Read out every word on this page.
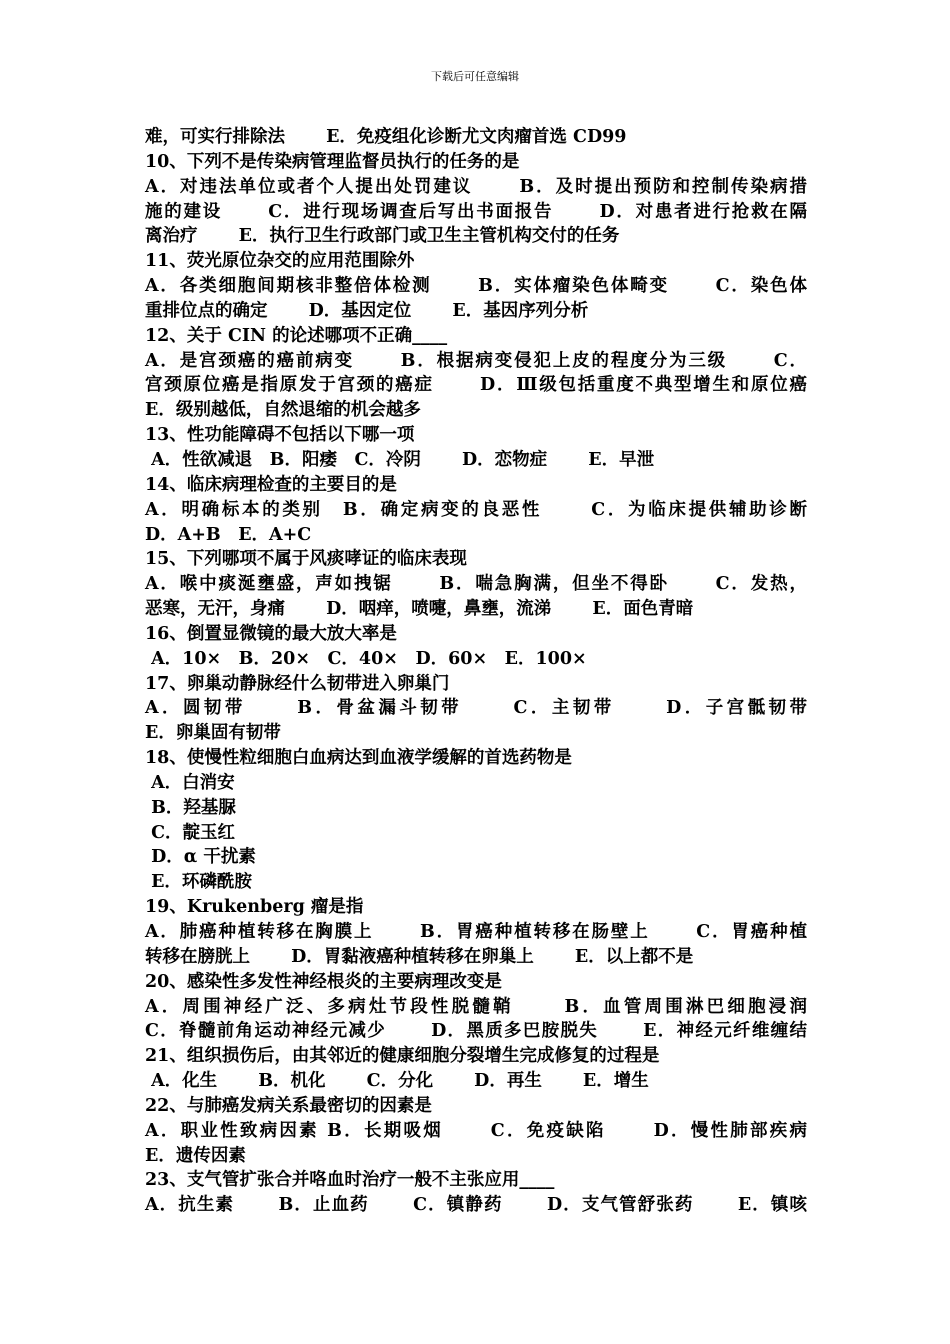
下载后可任意编辑
难，可实行排除法　　 E．免疫组化诊断尤文肉瘤首选 CD99
10、下列不是传染病管理监督员执行的任务的是
A．对违法单位或者个人提出处罚建议　　 B．及时提出预防和控制传染病措
施的建设　　 C．进行现场调查后写出书面报告　　 D．对患者进行抢救在隔
离治疗　　 E．执行卫生行政部门或卫生主管机构交付的任务
11、荧光原位杂交的应用范围除外
A．各类细胞间期核非整倍体检测　　 B．实体瘤染色体畸变　　 C．染色体
重排位点的确定　　 D．基因定位　　 E．基因序列分析
12、关于 CIN 的论述哪项不正确____
A．是宫颈癌的癌前病变　　 B．根据病变侵犯上皮的程度分为三级　　 C．
宫颈原位癌是指原发于宫颈的癌症　　 D．Ⅲ级包括重度不典型增生和原位癌
E．级别越低，自然退缩的机会越多
13、性功能障碍不包括以下哪一项
A．性欲减退　B．阳痿　C．冷阴　　 D．恋物症　　 E．早泄
14、临床病理检查的主要目的是
A．明确标本的类别　B．确定病变的良恶性　　 C．为临床提供辅助诊断
D．A+B　E．A+C
15、下列哪项不属于风痰哮证的临床表现
A．喉中痰涎壅盛，声如拽锯　　 B．喘急胸满，但坐不得卧　　 C．发热，
恶寒，无汗，身痛　　 D．咽痒，喷嚏，鼻壅，流涕　　 E．面色青暗
16、倒置显微镜的最大放大率是
A．10×　B．20×　C．40×　D．60×　E．100×
17、卵巢动静脉经什么韧带进入卵巢门
A．圆韧带　　 B．骨盆漏斗韧带　　 C．主韧带　　 D．子宫骶韧带
E．卵巢固有韧带
18、使慢性粒细胞白血病达到血液学缓解的首选药物是
A．白消安
B．羟基脲
C．靛玉红
D．α 干扰素
E．环磷酰胺
19、Krukenberg 瘤是指
A．肺癌种植转移在胸膜上　　 B．胃癌种植转移在肠壁上　　 C．胃癌种植
转移在膀胱上　　 D．胃黏液癌种植转移在卵巢上　　 E．以上都不是
20、感染性多发性神经根炎的主要病理改变是
A．周围神经广泛、多病灶节段性脱髓鞘　　 B．血管周围淋巴细胞浸润
C．脊髓前角运动神经元减少　　 D．黑质多巴胺脱失　　 E．神经元纤维缠结
21、组织损伤后，由其邻近的健康细胞分裂增生完成修复的过程是
A．化生　　 B．机化　　 C．分化　　 D．再生　　 E．增生
22、与肺癌发病关系最密切的因素是
A．职业性致病因素 B．长期吸烟　　 C．免疫缺陷　　 D．慢性肺部疾病
E．遗传因素
23、支气管扩张合并咯血时治疗一般不主张应用____
A．抗生素　　 B．止血药　　 C．镇静药　　 D．支气管舒张药　　 E．镇咳
